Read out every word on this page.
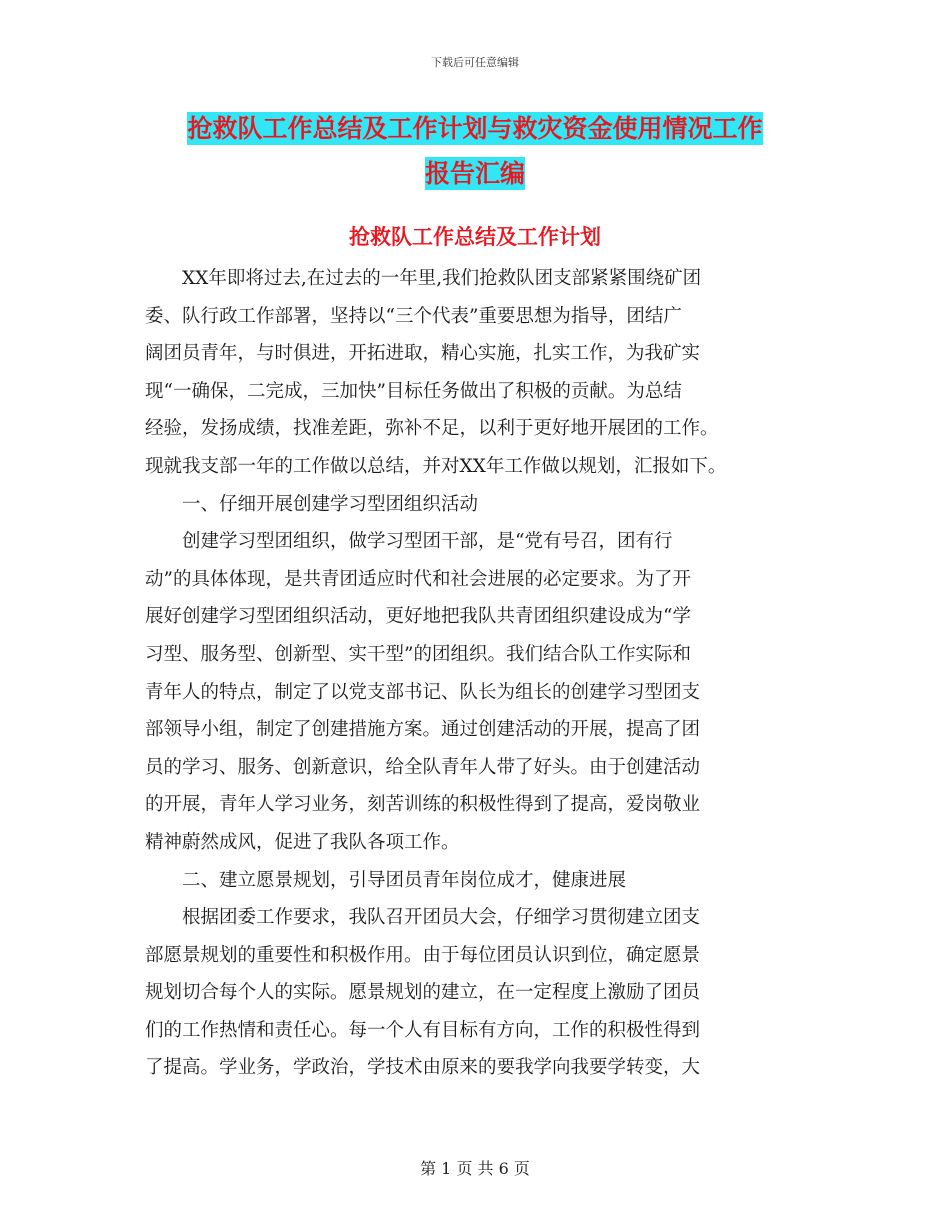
下载后可任意编辑
抢救队工作总结及工作计划与救灾资金使用情况工作
报告汇编
抢救队工作总结及工作计划

　　XX年即将过去,在过去的一年里,我们抢救队团支部紧紧围绕矿团
委、队行政工作部署，坚持以“三个代表”重要思想为指导，团结广
阔团员青年，与时俱进，开拓进取，精心实施，扎实工作，为我矿实
现“一确保，二完成，三加快”目标任务做出了积极的贡献。为总结
经验，发扬成绩，找准差距，弥补不足，以利于更好地开展团的工作。
现就我支部一年的工作做以总结，并对XX年工作做以规划，汇报如下。

　　一、仔细开展创建学习型团组织活动

　　创建学习型团组织，做学习型团干部，是“党有号召，团有行
动”的具体体现，是共青团适应时代和社会进展的必定要求。为了开
展好创建学习型团组织活动，更好地把我队共青团组织建设成为“学
习型、服务型、创新型、实干型”的团组织。我们结合队工作实际和
青年人的特点，制定了以党支部书记、队长为组长的创建学习型团支
部领导小组，制定了创建措施方案。通过创建活动的开展，提高了团
员的学习、服务、创新意识，给全队青年人带了好头。由于创建活动
的开展，青年人学习业务，刻苦训练的积极性得到了提高，爱岗敬业
精神蔚然成风，促进了我队各项工作。

　　二、建立愿景规划，引导团员青年岗位成才，健康进展

　　根据团委工作要求，我队召开团员大会，仔细学习贯彻建立团支
部愿景规划的重要性和积极作用。由于每位团员认识到位，确定愿景
规划切合每个人的实际。愿景规划的建立，在一定程度上激励了团员
们的工作热情和责任心。每一个人有目标有方向，工作的积极性得到
了提高。学业务，学政治，学技术由原来的要我学向我要学转变，大

第 1 页 共 6 页
